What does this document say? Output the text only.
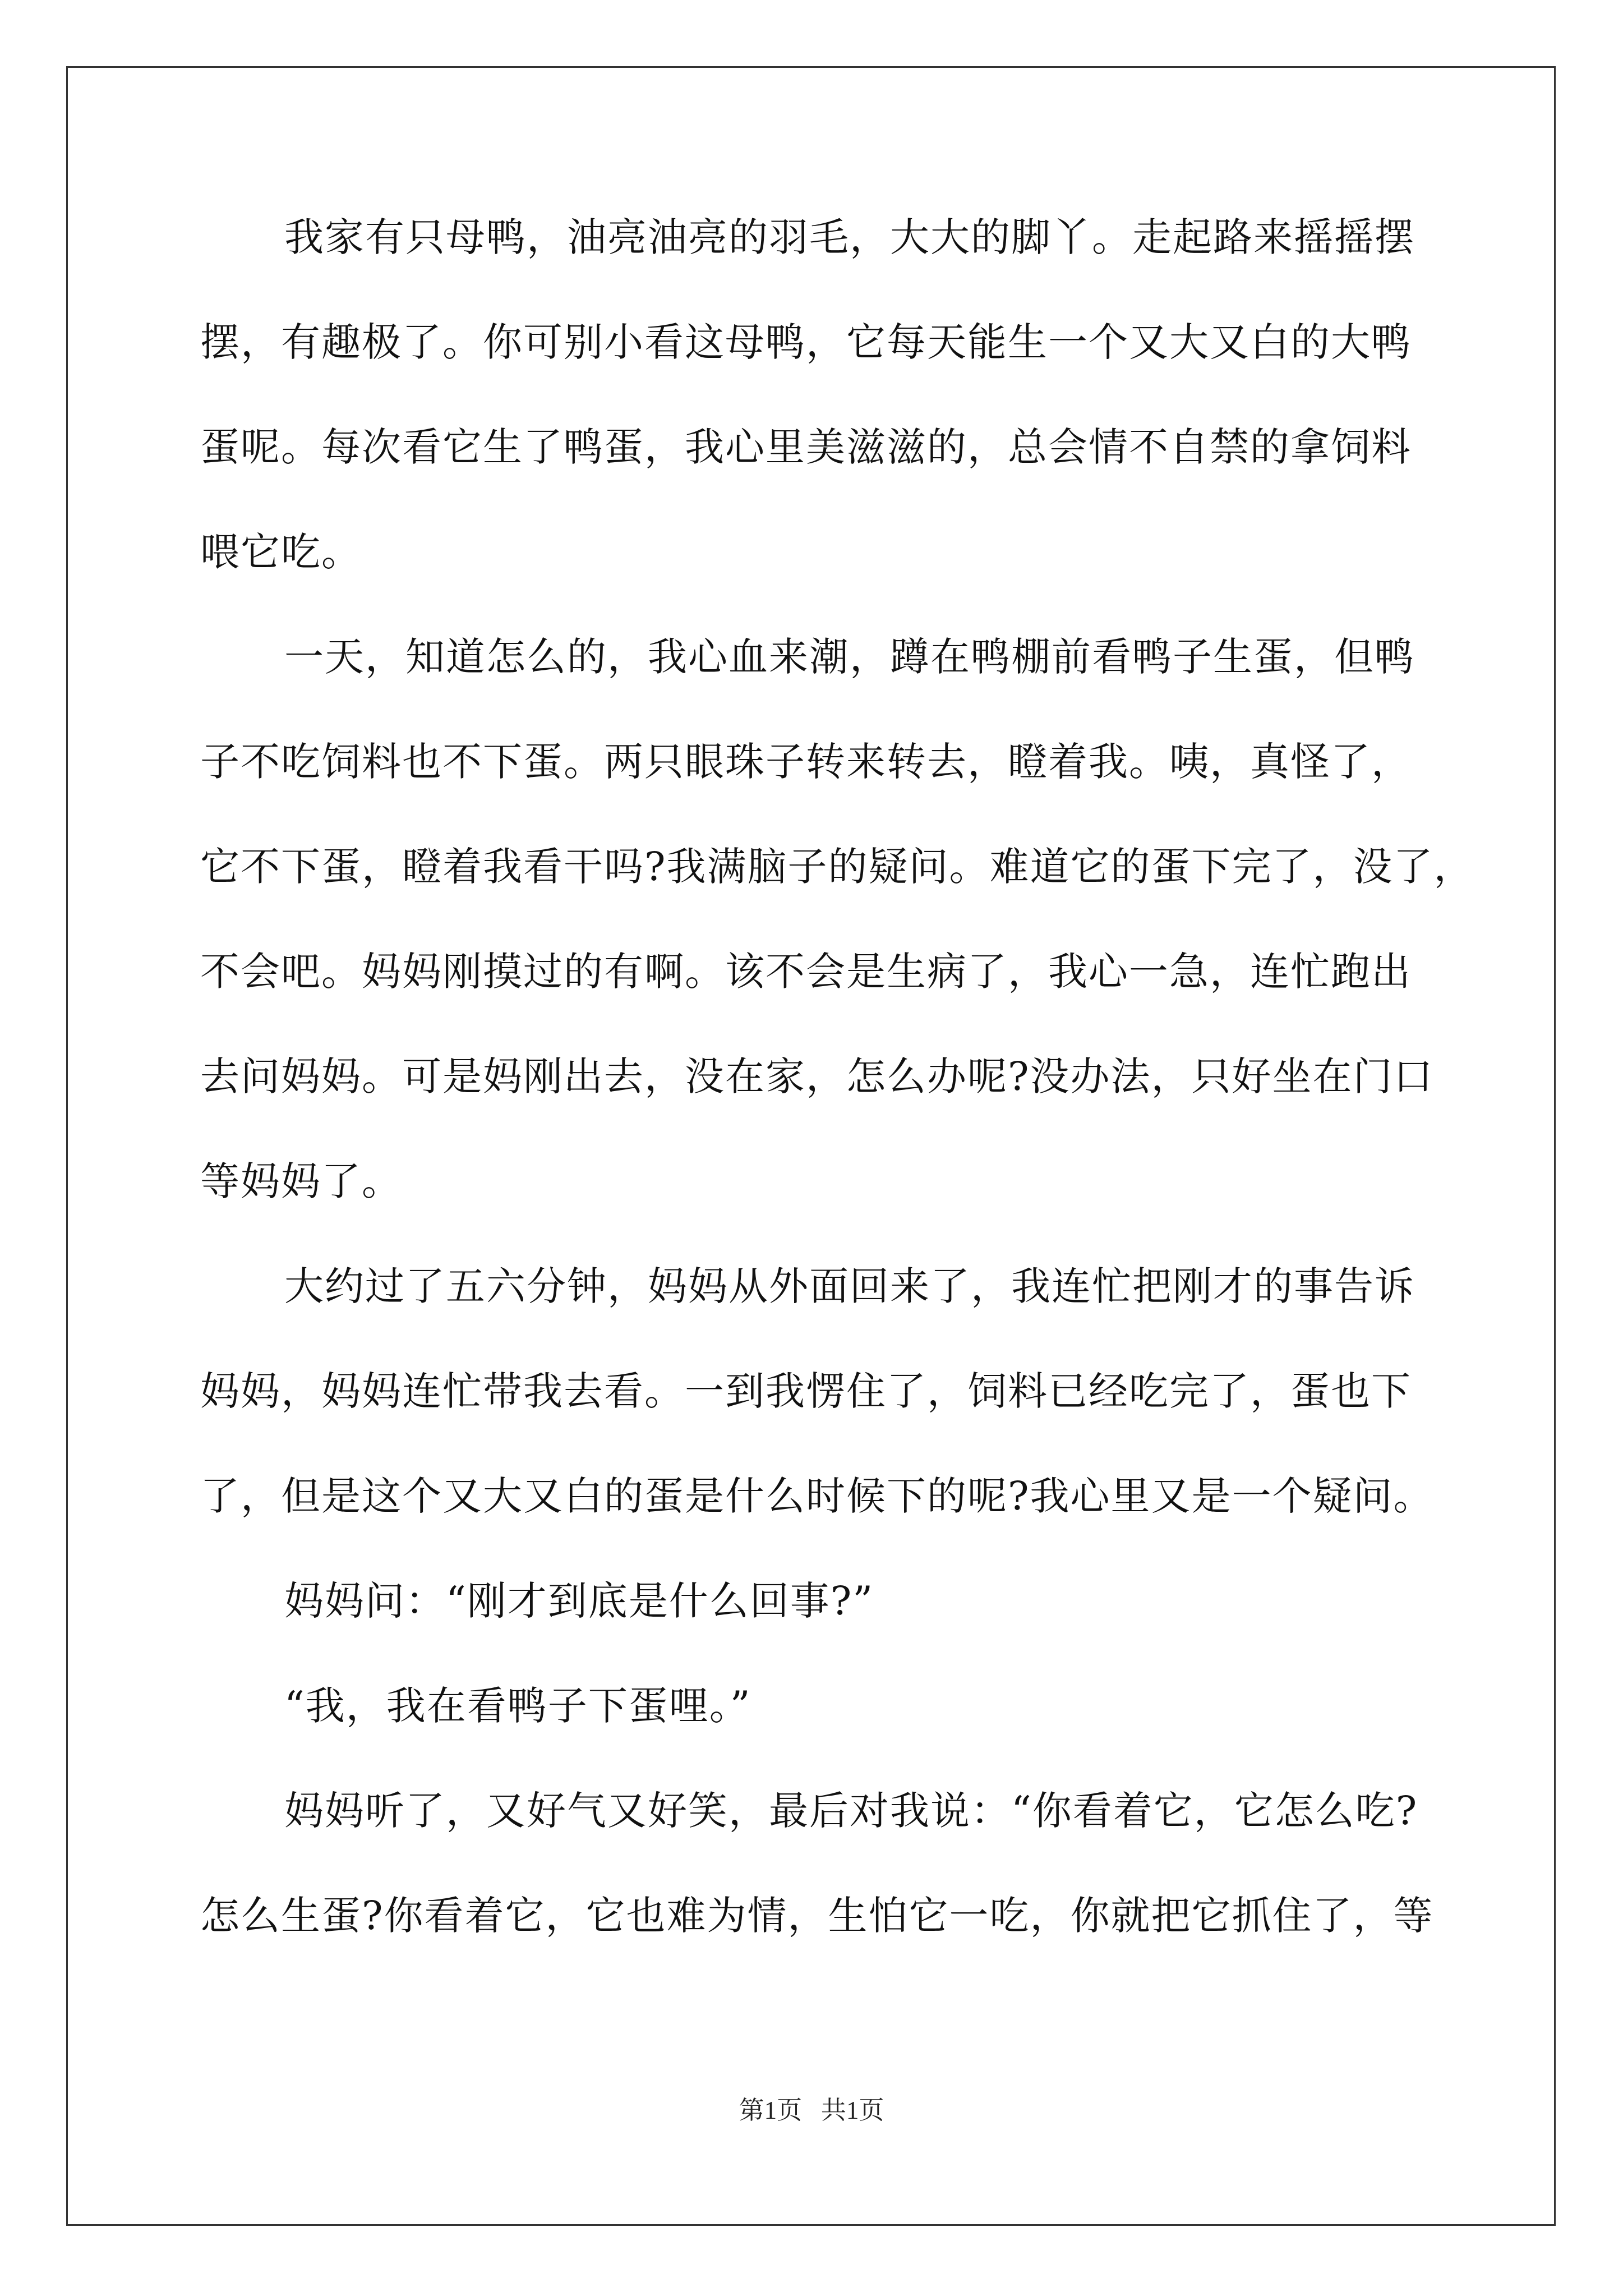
我家有只母鸭，油亮油亮的羽毛，大大的脚丫。走起路来摇摇摆
摆，有趣极了。你可别小看这母鸭，它每天能生一个又大又白的大鸭
蛋呢。每次看它生了鸭蛋，我心里美滋滋的，总会情不自禁的拿饲料
喂它吃。
一天，知道怎么的，我心血来潮，蹲在鸭棚前看鸭子生蛋，但鸭
子不吃饲料也不下蛋。两只眼珠子转来转去，瞪着我。咦，真怪了，
它不下蛋，瞪着我看干吗?我满脑子的疑问。难道它的蛋下完了，没了，
不会吧。妈妈刚摸过的有啊。该不会是生病了，我心一急，连忙跑出
去问妈妈。可是妈刚出去，没在家，怎么办呢?没办法，只好坐在门口
等妈妈了。
大约过了五六分钟，妈妈从外面回来了，我连忙把刚才的事告诉
妈妈，妈妈连忙带我去看。一到我愣住了，饲料已经吃完了，蛋也下
了，但是这个又大又白的蛋是什么时候下的呢?我心里又是一个疑问。
妈妈问：“刚才到底是什么回事?”
“我，我在看鸭子下蛋哩。”
妈妈听了，又好气又好笑，最后对我说：“你看着它，它怎么吃?
怎么生蛋?你看着它，它也难为情，生怕它一吃，你就把它抓住了，等
第1页   共1页
